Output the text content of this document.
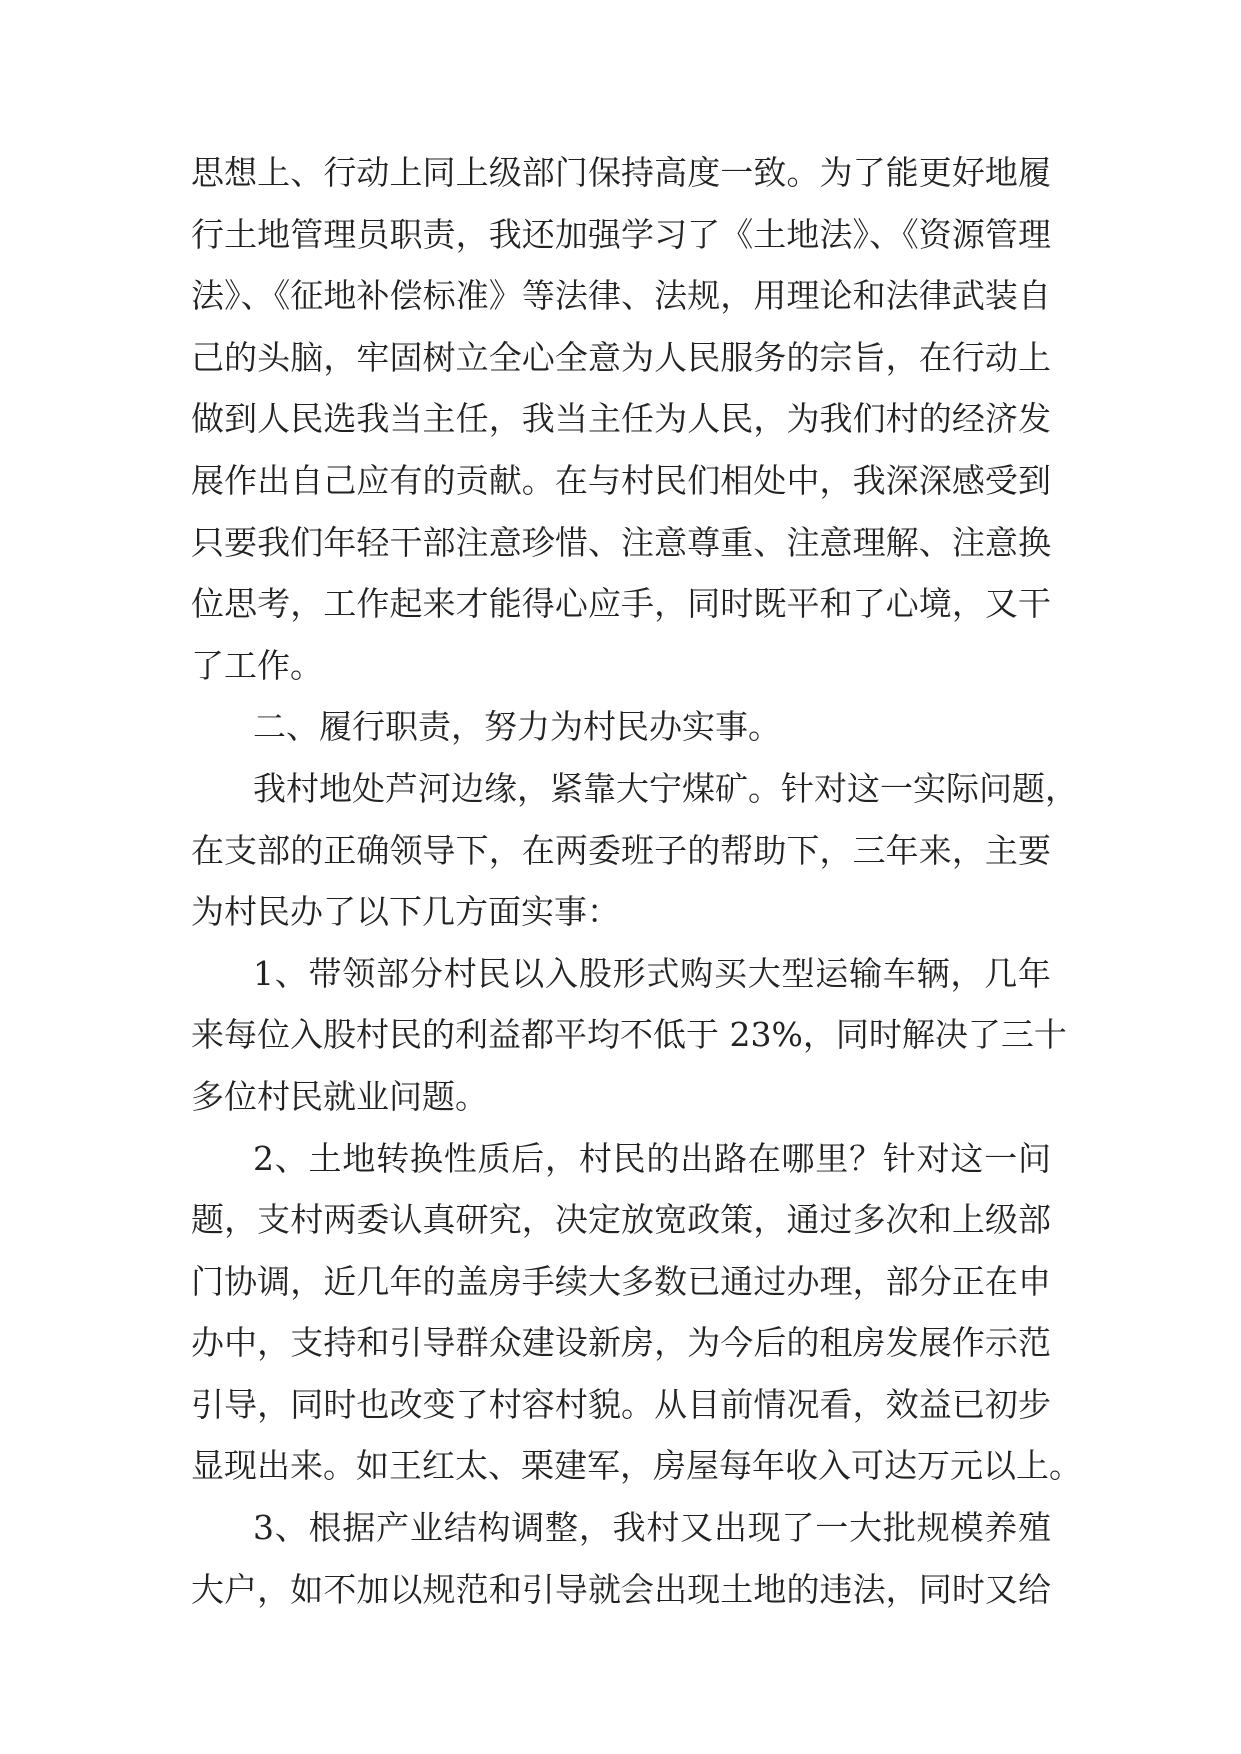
思想上、行动上同上级部门保持高度一致。为了能更好地履
行土地管理员职责，我还加强学习了《土地法》、《资源管理
法》、《征地补偿标准》等法律、法规，用理论和法律武装自
己的头脑，牢固树立全心全意为人民服务的宗旨，在行动上
做到人民选我当主任，我当主任为人民，为我们村的经济发
展作出自己应有的贡献。在与村民们相处中，我深深感受到
只要我们年轻干部注意珍惜、注意尊重、注意理解、注意换
位思考，工作起来才能得心应手，同时既平和了心境，又干
了工作。
二、履行职责，努力为村民办实事。
我村地处芦河边缘，紧靠大宁煤矿。针对这一实际问题，
在支部的正确领导下，在两委班子的帮助下，三年来，主要
为村民办了以下几方面实事：
1、带领部分村民以入股形式购买大型运输车辆，几年
来每位入股村民的利益都平均不低于 23%，同时解决了三十
多位村民就业问题。
2、土地转换性质后，村民的出路在哪里？针对这一问
题，支村两委认真研究，决定放宽政策，通过多次和上级部
门协调，近几年的盖房手续大多数已通过办理，部分正在申
办中，支持和引导群众建设新房，为今后的租房发展作示范
引导，同时也改变了村容村貌。从目前情况看，效益已初步
显现出来。如王红太、栗建军，房屋每年收入可达万元以上。
3、根据产业结构调整，我村又出现了一大批规模养殖
大户，如不加以规范和引导就会出现土地的违法，同时又给
